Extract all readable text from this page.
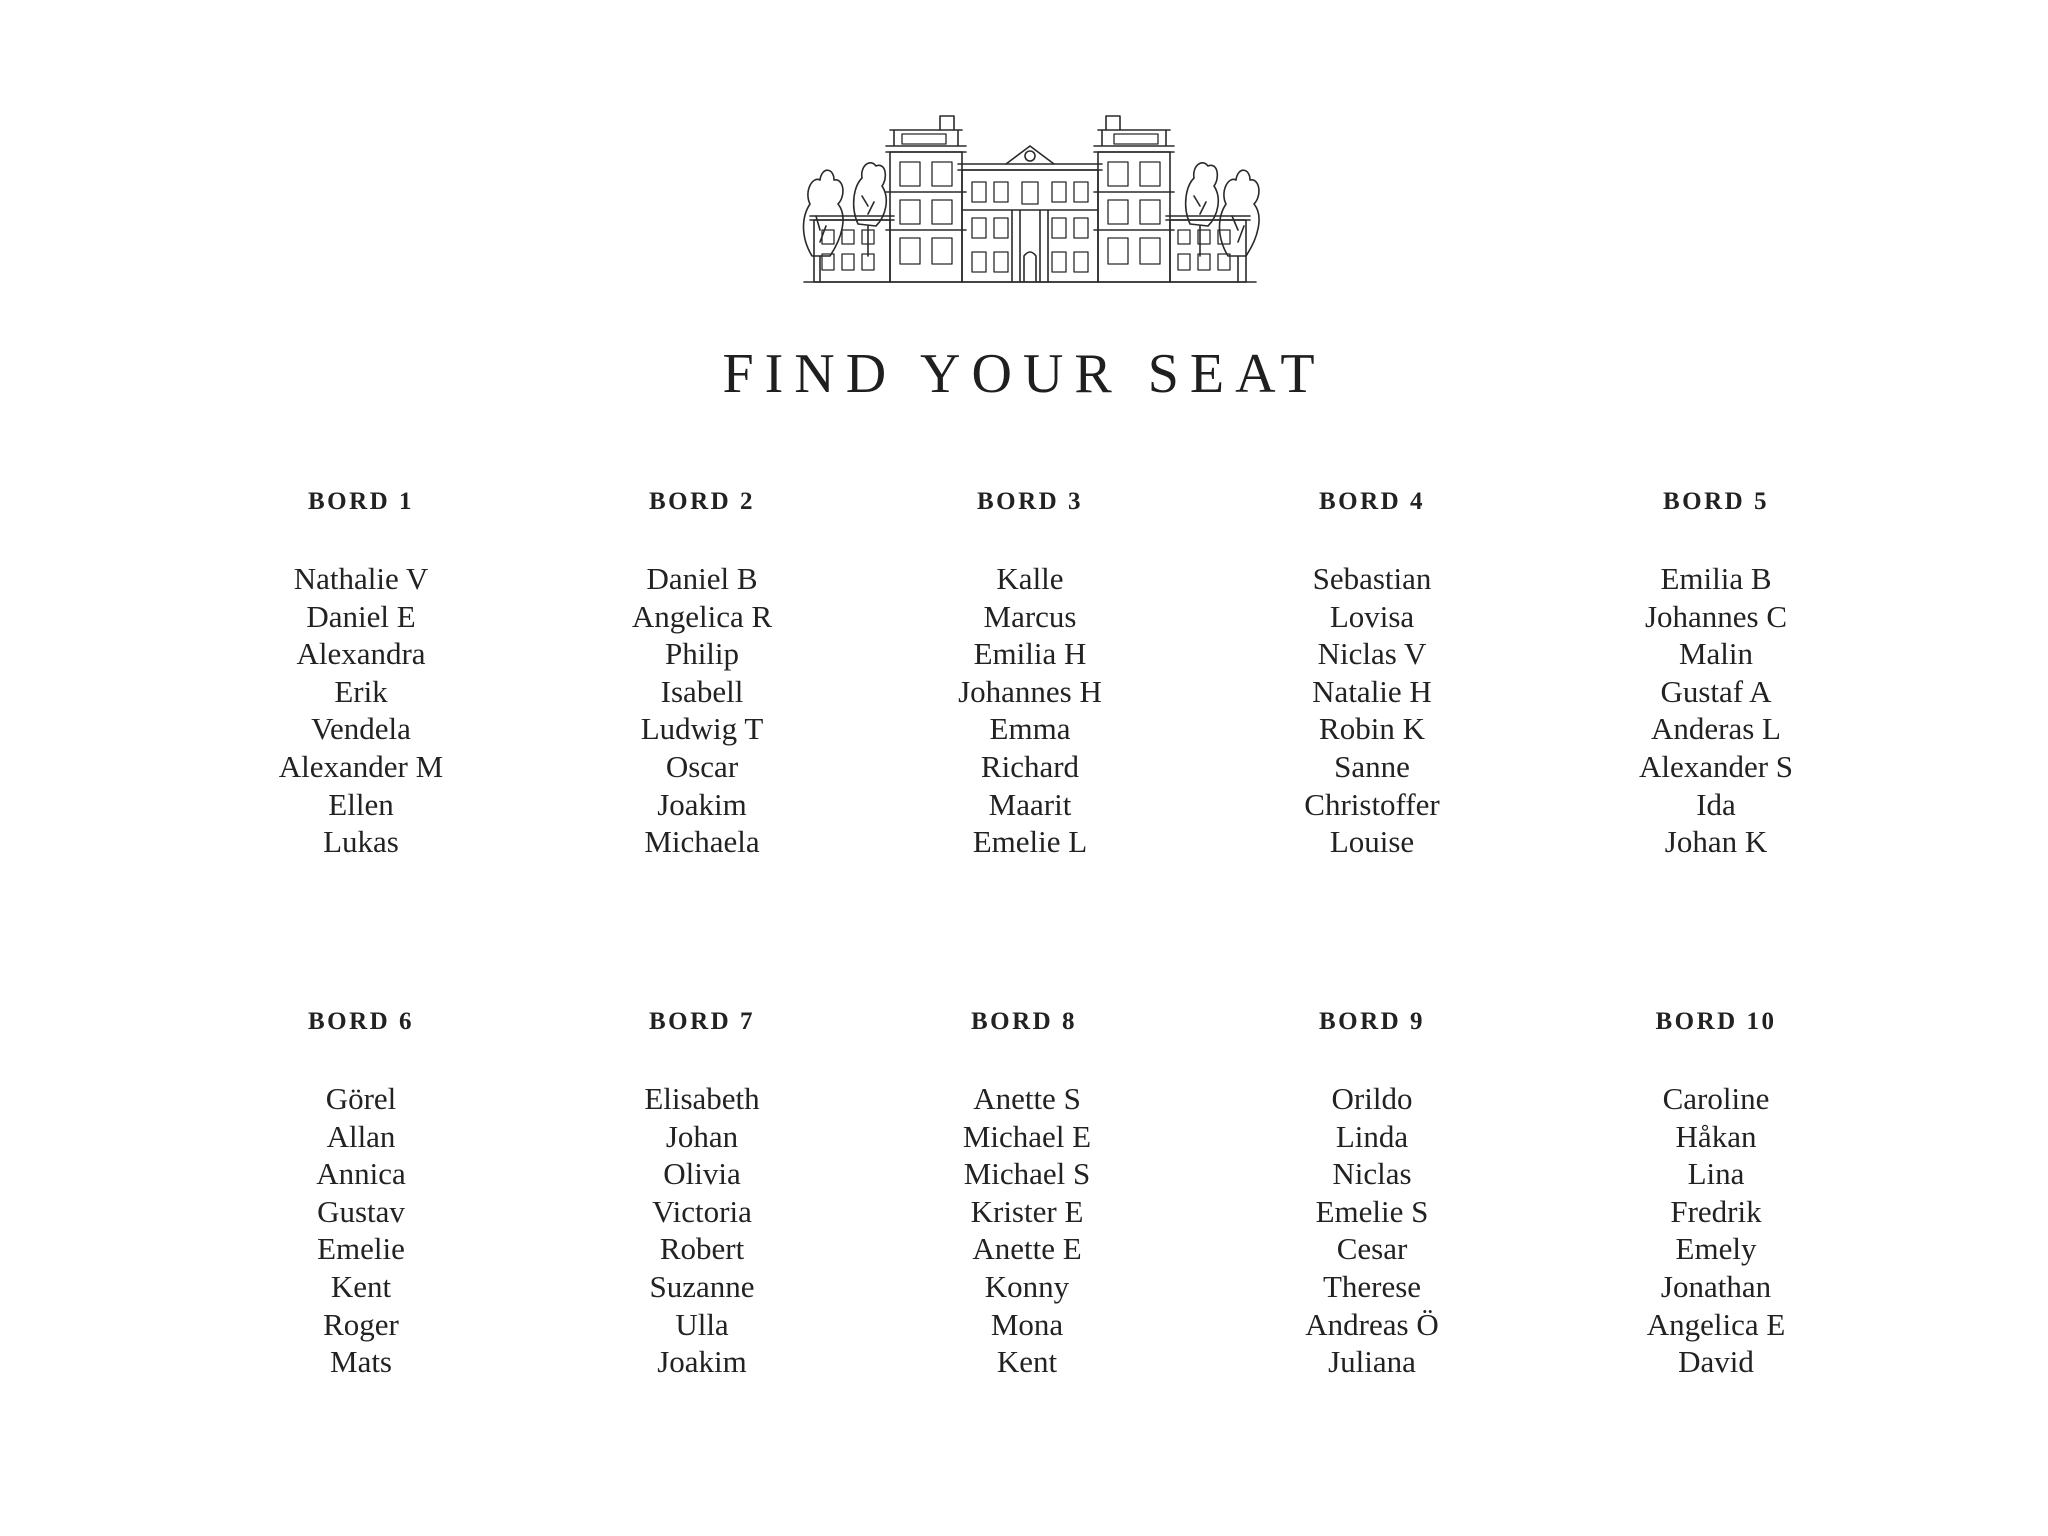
FIND YOUR SEAT
BORD 1
Nathalie V
Daniel E
Alexandra
Erik
Vendela
Alexander M
Ellen
Lukas
BORD 2
Daniel B
Angelica R
Philip
Isabell
Ludwig T
Oscar
Joakim
Michaela
BORD 3
Kalle
Marcus
Emilia H
Johannes H
Emma
Richard
Maarit
Emelie L
BORD 4
Sebastian
Lovisa
Niclas V
Natalie H
Robin K
Sanne
Christoffer
Louise
BORD 5
Emilia B
Johannes C
Malin
Gustaf A
Anderas L
Alexander S
Ida
Johan K
BORD 6
Görel
Allan
Annica
Gustav
Emelie
Kent
Roger
Mats
BORD 7
Elisabeth
Johan
Olivia
Victoria
Robert
Suzanne
Ulla
Joakim
BORD 8
Anette S
Michael E
Michael S
Krister E
Anette E
Konny
Mona
Kent
BORD 9
Orildo
Linda
Niclas
Emelie S
Cesar
Therese
Andreas Ö
Juliana
BORD 10
Caroline
Håkan
Lina
Fredrik
Emely
Jonathan
Angelica E
David
